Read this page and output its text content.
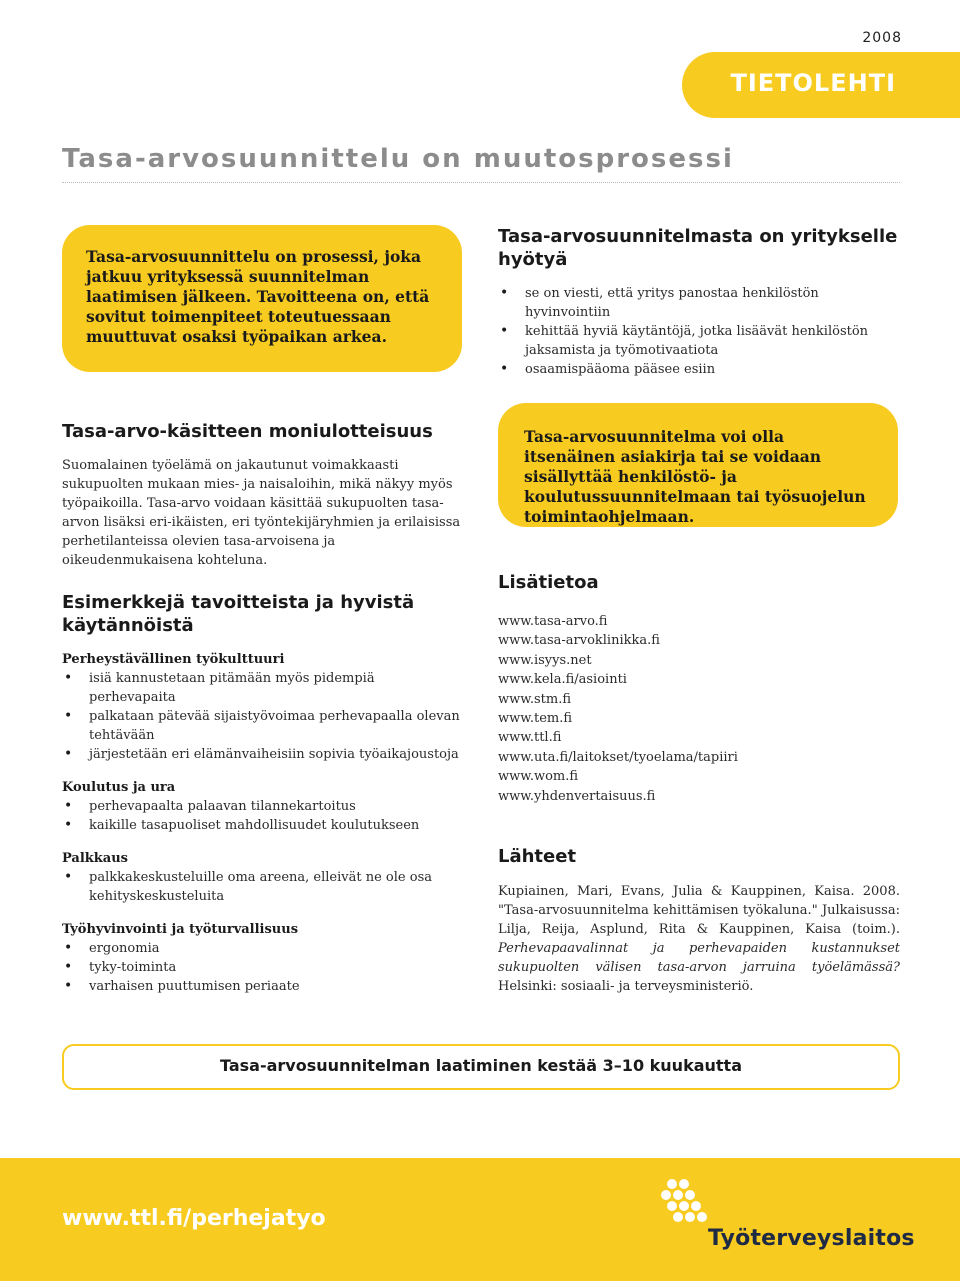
2008
TIETOLEHTI
Tasa-arvosuunnittelu on muutosprosessi
Tasa-arvosuunnittelu on prosessi, joka jatkuu yrityksessä suunnitelman laatimisen jälkeen. Tavoitteena on, että sovitut toimenpiteet toteutuessaan muuttuvat osaksi työpaikan arkea.
Tasa-arvosuunnitelmasta on yritykselle hyötyä
• se on viesti, että yritys panostaa henkilöstön hyvinvointiin
• kehittää hyviä käytäntöjä, jotka lisäävät henkilöstön jaksamista ja työmotivaatiota
• osaamispääoma pääsee esiin
Tasa-arvo-käsitteen moniulotteisuus
Suomalainen työelämä on jakautunut voimakkaasti sukupuolten mukaan mies- ja naisaloihin, mikä näkyy myös työpaikoilla. Tasa-arvo voidaan käsittää sukupuolten tasa-arvon lisäksi eri-ikäisten, eri työntekijäryhmien ja erilaisissa perhetilanteissa olevien tasa-arvoisena ja oikeudenmukaisena kohteluna.
Tasa-arvosuunnitelma voi olla itsenäinen asiakirja tai se voidaan sisällyttää henkilöstö- ja koulutussuunnitelmaan tai työsuojelun toimintaohjelmaan.
Esimerkkejä tavoitteista ja hyvistä käytännöistä
Perheystävällinen työkulttuuri
• isiä kannustetaan pitämään myös pidempiä perhevapaita
• palkataan pätevää sijaistyövoimaa perhevapaalla olevan tehtävään
• järjestetään eri elämänvaiheisiin sopivia työaikajoustoja
Koulutus ja ura
• perhevapaalta palaavan tilannekartoitus
• kaikille tasapuoliset mahdollisuudet koulutukseen
Palkkaus
• palkkakeskusteluille oma areena, elleivät ne ole osa kehityskeskusteluita
Työhyvinvointi ja työturvallisuus
• ergonomia
• tyky-toiminta
• varhaisen puuttumisen periaate
Lisätietoa
www.tasa-arvo.fi
www.tasa-arvoklinikka.fi
www.isyys.net
www.kela.fi/asiointi
www.stm.fi
www.tem.fi
www.ttl.fi
www.uta.fi/laitokset/tyoelama/tapiiri
www.wom.fi
www.yhdenvertaisuus.fi
Lähteet
Kupiainen, Mari, Evans, Julia & Kauppinen, Kaisa. 2008. "Tasa-arvosuunnitelma kehittämisen työkaluna." Julkaisussa: Lilja, Reija, Asplund, Rita & Kauppinen, Kaisa (toim.). Perhevapaavalinnat ja perhevapaiden kustannukset sukupuolten välisen tasa-arvon jarruina työelämässä? Helsinki: sosiaali- ja terveysministeriö.
Tasa-arvosuunnitelman laatiminen kestää 3–10 kuukautta
www.ttl.fi/perhejatyo
Työterveyslaitos
